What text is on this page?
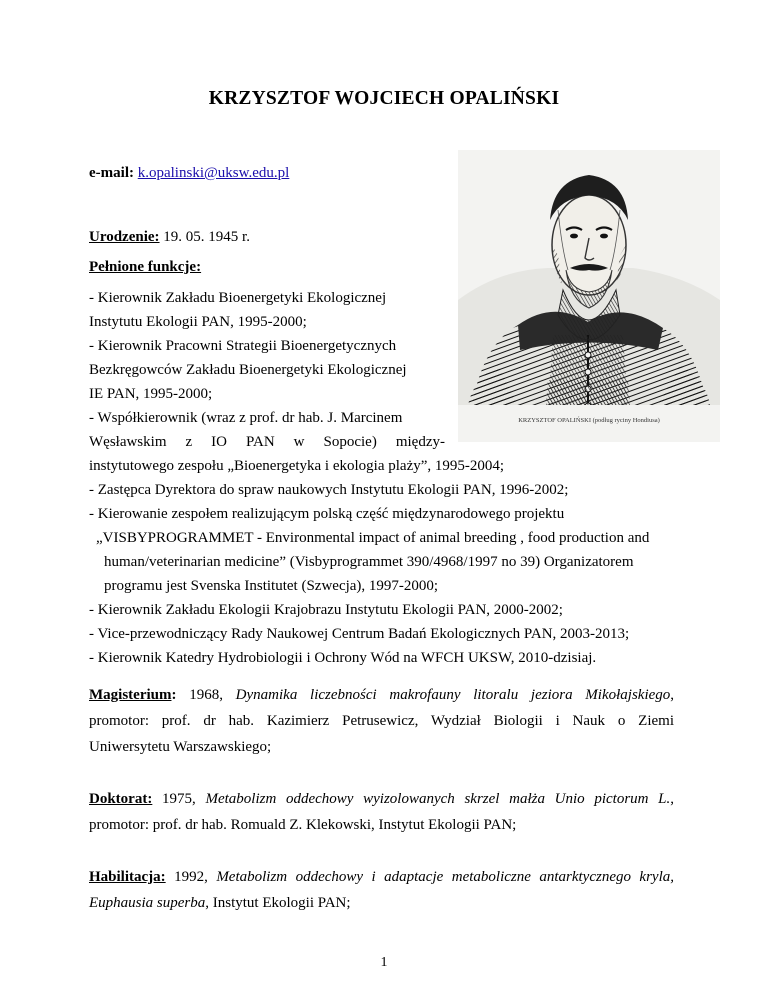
KRZYSZTOF WOJCIECH OPALIŃSKI
e-mail: k.opalinski@uksw.edu.pl
Urodzenie: 19. 05. 1945 r.
Pełnione funkcje:
- Kierownik Zakładu Bioenergetyki Ekologicznej
Instytutu Ekologii PAN, 1995-2000;
- Kierownik Pracowni Strategii Bioenergetycznych
Bezkręgowców Zakładu Bioenergetyki Ekologicznej
IE PAN, 1995-2000;
- Współkierownik (wraz z prof. dr hab. J. Marcinem
Węsławskim z IO PAN w Sopocie) między-
instytutowego zespołu „Bioenergetyka i ekologia plaży”, 1995-2004;
- Zastępca Dyrektora do spraw naukowych Instytutu Ekologii PAN, 1996-2002;
- Kierowanie zespołem realizującym polską część międzynarodowego projektu
„VISBYPROGRAMMET - Environmental impact of animal breeding , food production and
human/veterinarian medicine” (Visbyprogrammet 390/4968/1997 no 39) Organizatorem
programu jest Svenska Institutet (Szwecja), 1997-2000;
- Kierownik Zakładu Ekologii Krajobrazu Instytutu Ekologii PAN, 2000-2002;
- Vice-przewodniczący Rady Naukowej Centrum Badań Ekologicznych PAN, 2003-2013;
- Kierownik Katedry Hydrobiologii i Ochrony Wód na WFCH UKSW, 2010-dzisiaj.
KRZYSZTOF OPALIŃSKI (podług ryciny Hondiusa)
Magisterium: 1968, Dynamika liczebności makrofauny litoralu jeziora Mikołajskiego,
promotor: prof. dr hab. Kazimierz Petrusewicz, Wydział Biologii i Nauk o Ziemi
Uniwersytetu Warszawskiego;
Doktorat: 1975, Metabolizm oddechowy wyizolowanych skrzel małża Unio pictorum L.,
promotor: prof. dr hab. Romuald Z. Klekowski, Instytut Ekologii PAN;
Habilitacja: 1992, Metabolizm oddechowy i adaptacje metaboliczne antarktycznego kryla,
Euphausia superba, Instytut Ekologii PAN;
1
